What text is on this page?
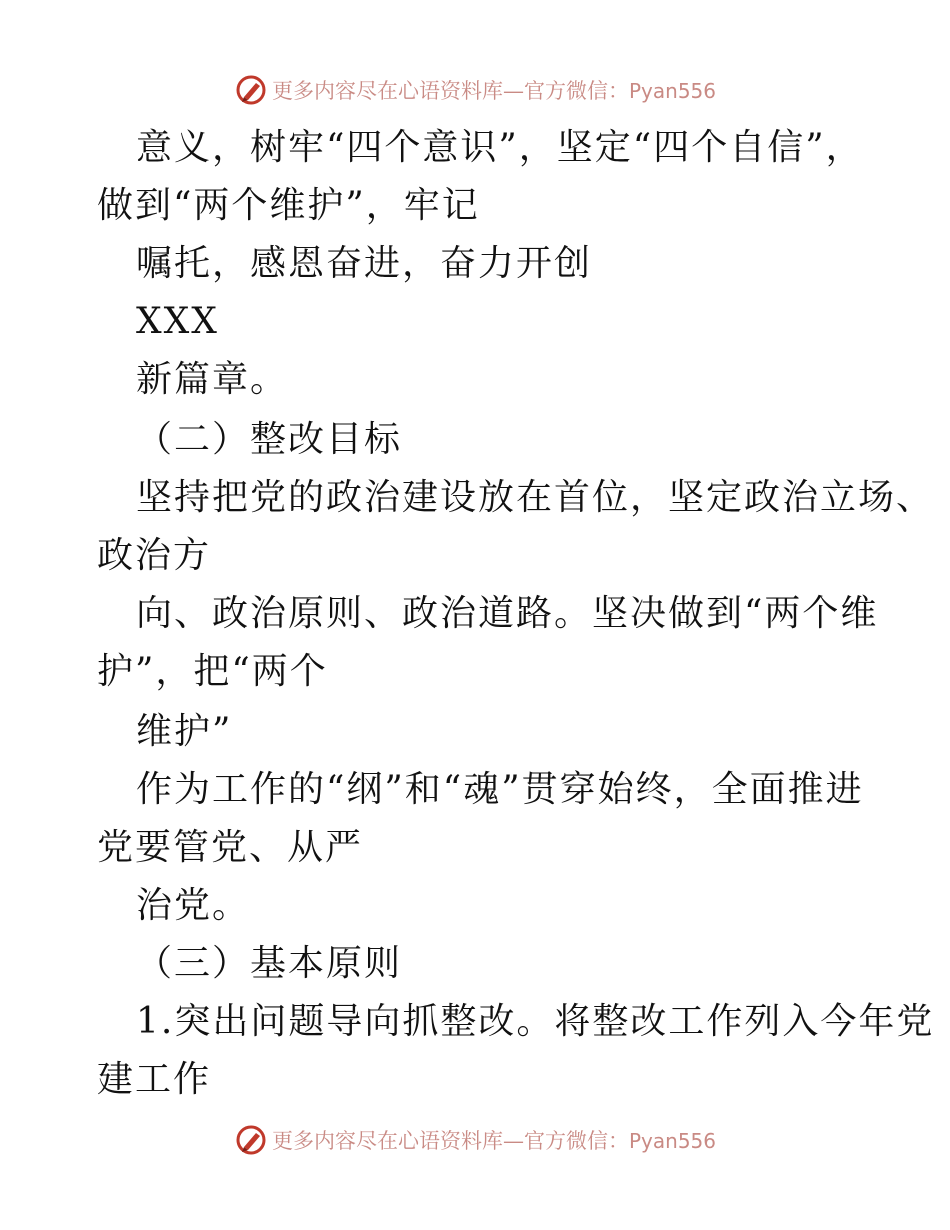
更多内容尽在心语资料库—官方微信：Pyan556
意义，树牢“四个意识”，坚定“四个自信”，
做到“两个维护”，牢记
嘱托，感恩奋进，奋力开创
XXX
新篇章。
（二）整改目标
坚持把党的政治建设放在首位，坚定政治立场、
政治方
向、政治原则、政治道路。坚决做到“两个维
护”，把“两个
维护”
作为工作的“纲”和“魂”贯穿始终，全面推进
党要管党、从严
治党。
（三）基本原则
1.突出问题导向抓整改。将整改工作列入今年党
建工作
更多内容尽在心语资料库—官方微信：Pyan556
